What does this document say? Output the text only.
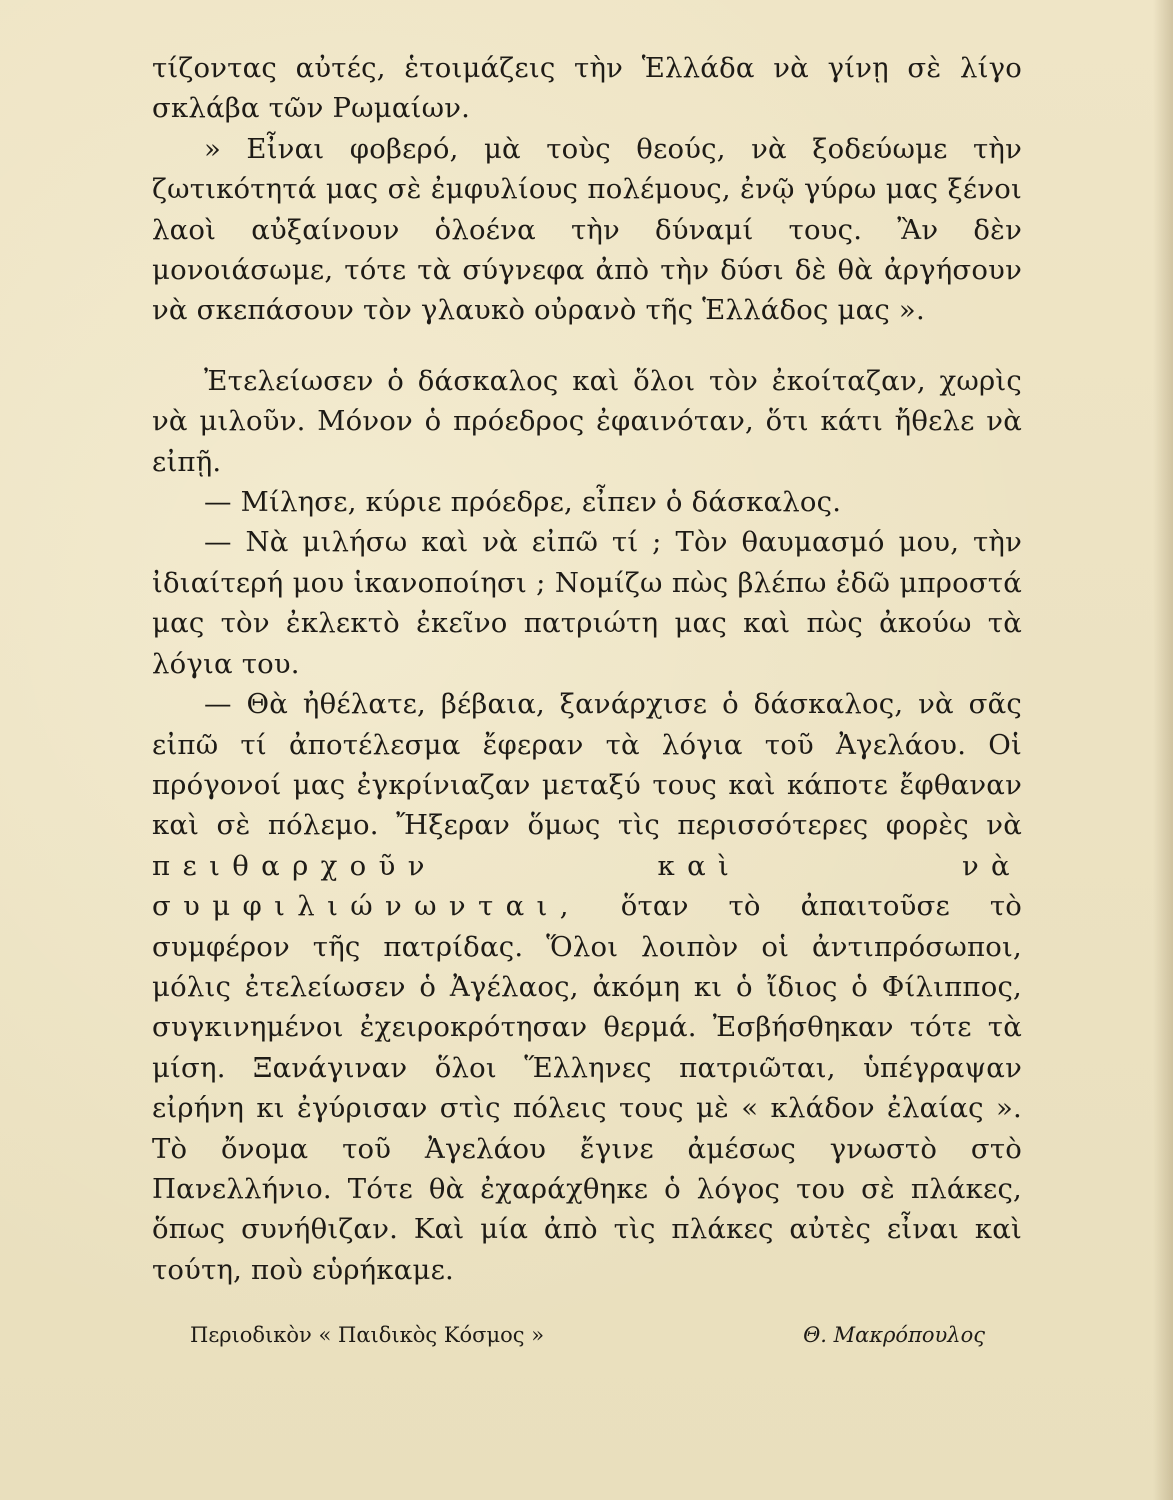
τίζοντας αὐτές, ἑτοιμάζεις τὴν Ἑλλάδα νὰ γίνῃ σὲ λίγο σκλάβα τῶν Ρωμαίων.

» Εἶναι φοβερό, μὰ τοὺς θεούς, νὰ ξοδεύωμε τὴν ζωτικότητά μας σὲ ἐμφυλίους πολέμους, ἐνῷ γύρω μας ξένοι λαοὶ αὐξαίνουν ὁλοένα τὴν δύναμί τους. Ἂν δὲν μονοιάσωμε, τότε τὰ σύγνεφα ἀπὸ τὴν δύσι δὲ θὰ ἀργήσουν νὰ σκεπάσουν τὸν γλαυκὸ οὐρανὸ τῆς Ἑλλάδος μας ».

Ἐτελείωσεν ὁ δάσκαλος καὶ ὅλοι τὸν ἐκοίταζαν, χωρὶς νὰ μιλοῦν. Μόνον ὁ πρόεδρος ἐφαινόταν, ὅτι κάτι ἤθελε νὰ εἰπῇ.

— Μίλησε, κύριε πρόεδρε, εἶπεν ὁ δάσκαλος.

— Νὰ μιλήσω καὶ νὰ εἰπῶ τί ; Τὸν θαυμασμό μου, τὴν ἰδιαίτερή μου ἱκανοποίησι ; Νομίζω πὼς βλέπω ἐδῶ μπροστά μας τὸν ἐκλεκτὸ ἐκεῖνο πατριώτη μας καὶ πὼς ἀκούω τὰ λόγια του.

— Θὰ ἠθέλατε, βέβαια, ξανάρχισε ὁ δάσκαλος, νὰ σᾶς εἰπῶ τί ἀποτέλεσμα ἔφεραν τὰ λόγια τοῦ Ἀγελάου. Οἱ πρόγονοί μας ἐγκρίνιαζαν μεταξύ τους καὶ κάποτε ἔφθαναν καὶ σὲ πόλεμο. Ἤξεραν ὅμως τὶς περισσότερες φορὲς νὰ πειθαρχοῦν καὶ νὰ συμφιλιώνωνται, ὅταν τὸ ἀπαιτοῦσε τὸ συμφέρον τῆς πατρίδας. Ὅλοι λοιπὸν οἱ ἀντιπρόσωποι, μόλις ἐτελείωσεν ὁ Ἀγέλαος, ἀκόμη κι ὁ ἴδιος ὁ Φίλιππος, συγκινημένοι ἐχειροκρότησαν θερμά. Ἐσβήσθηκαν τότε τὰ μίση. Ξανάγιναν ὅλοι Ἕλληνες πατριῶται, ὑπέγραψαν εἰρήνη κι ἐγύρισαν στὶς πόλεις τους μὲ « κλάδον ἐλαίας ». Τὸ ὄνομα τοῦ Ἀγελάου ἔγινε ἀμέσως γνωστὸ στὸ Πανελλήνιο. Τότε θὰ ἐχαράχθηκε ὁ λόγος του σὲ πλάκες, ὅπως συνήθιζαν. Καὶ μία ἀπὸ τὶς πλάκες αὐτὲς εἶναι καὶ τούτη, ποὺ εὑρήκαμε.

Περιοδικὸν « Παιδικὸς Κόσμος »	Θ. Μακρόπουλος
